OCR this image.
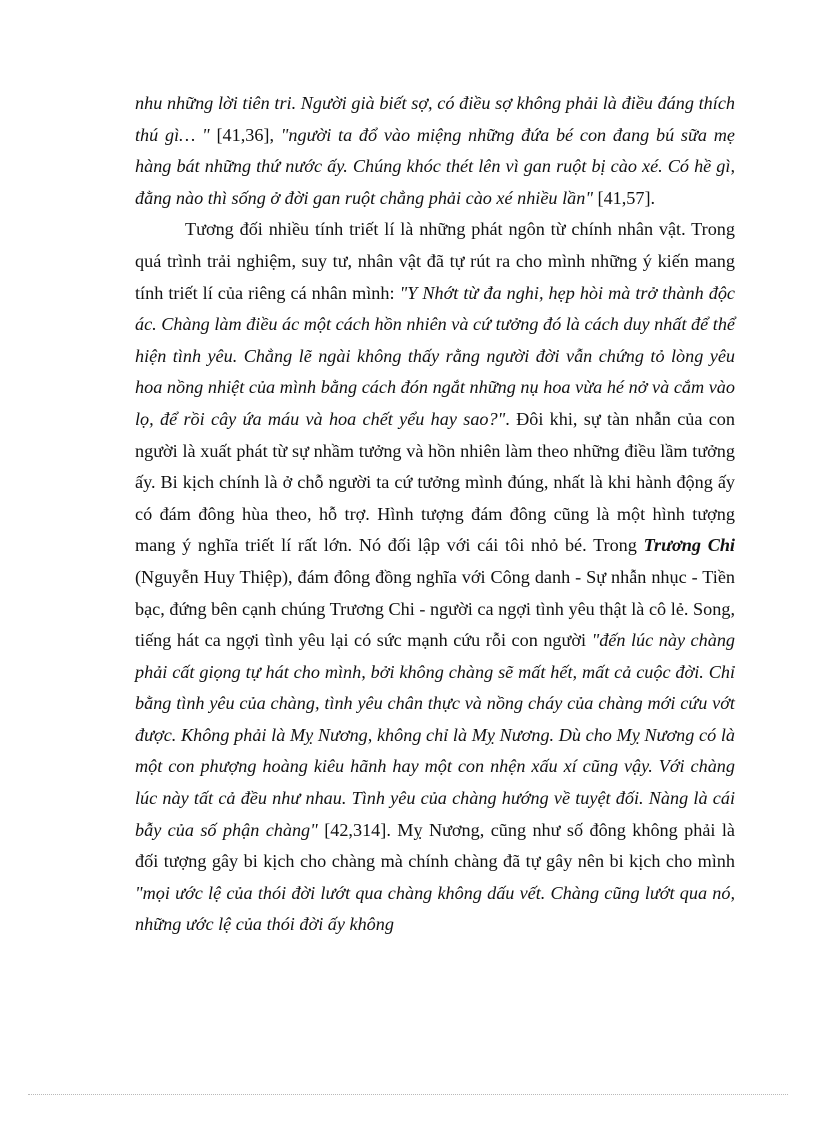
nhu những lời tiên tri. Người già biết sợ, có điều sợ không phải là điều đáng thích thú gì… " [41,36], "người ta đổ vào miệng những đứa bé con đang bú sữa mẹ hàng bát những thứ nước ấy. Chúng khóc thét lên vì gan ruột bị cào xé. Có hề gì, đằng nào thì sống ở đời gan ruột chẳng phải cào xé nhiều lần" [41,57].

Tương đối nhiều tính triết lí là những phát ngôn từ chính nhân vật. Trong quá trình trải nghiệm, suy tư, nhân vật đã tự rút ra cho mình những ý kiến mang tính triết lí của riêng cá nhân mình: "Y Nhớt từ đa nghi, hẹp hòi mà trở thành độc ác. Chàng làm điều ác một cách hồn nhiên và cứ tưởng đó là cách duy nhất để thể hiện tình yêu. Chẳng lẽ ngài không thấy rằng người đời vẫn chứng tỏ lòng yêu hoa nồng nhiệt của mình bằng cách đón ngắt những nụ hoa vừa hé nở và cắm vào lọ, để rồi cây ứa máu và hoa chết yểu hay sao?". Đôi khi, sự tàn nhẫn của con người là xuất phát từ sự nhầm tưởng và hồn nhiên làm theo những điều lầm tưởng ấy. Bi kịch chính là ở chỗ người ta cứ tưởng mình đúng, nhất là khi hành động ấy có đám đông hùa theo, hỗ trợ. Hình tượng đám đông cũng là một hình tượng mang ý nghĩa triết lí rất lớn. Nó đối lập với cái tôi nhỏ bé. Trong Trương Chi (Nguyễn Huy Thiệp), đám đông đồng nghĩa với Công danh - Sự nhẫn nhục - Tiền bạc, đứng bên cạnh chúng Trương Chi - người ca ngợi tình yêu thật là cô lẻ. Song, tiếng hát ca ngợi tình yêu lại có sức mạnh cứu rỗi con người "đến lúc này chàng phải cất giọng tự hát cho mình, bởi không chàng sẽ mất hết, mất cả cuộc đời. Chỉ bằng tình yêu của chàng, tình yêu chân thực và nồng cháy của chàng mới cứu vớt được. Không phải là Mỵ Nương, không chỉ là Mỵ Nương. Dù cho Mỵ Nương có là một con phượng hoàng kiêu hãnh hay một con nhện xấu xí cũng vậy. Với chàng lúc này tất cả đều như nhau. Tình yêu của chàng hướng về tuyệt đối. Nàng là cái bẫy của số phận chàng" [42,314]. Mỵ Nương, cũng như số đông không phải là đối tượng gây bi kịch cho chàng mà chính chàng đã tự gây nên bi kịch cho mình "mọi ước lệ của thói đời lướt qua chàng không dấu vết. Chàng cũng lướt qua nó, những ước lệ của thói đời ấy không
